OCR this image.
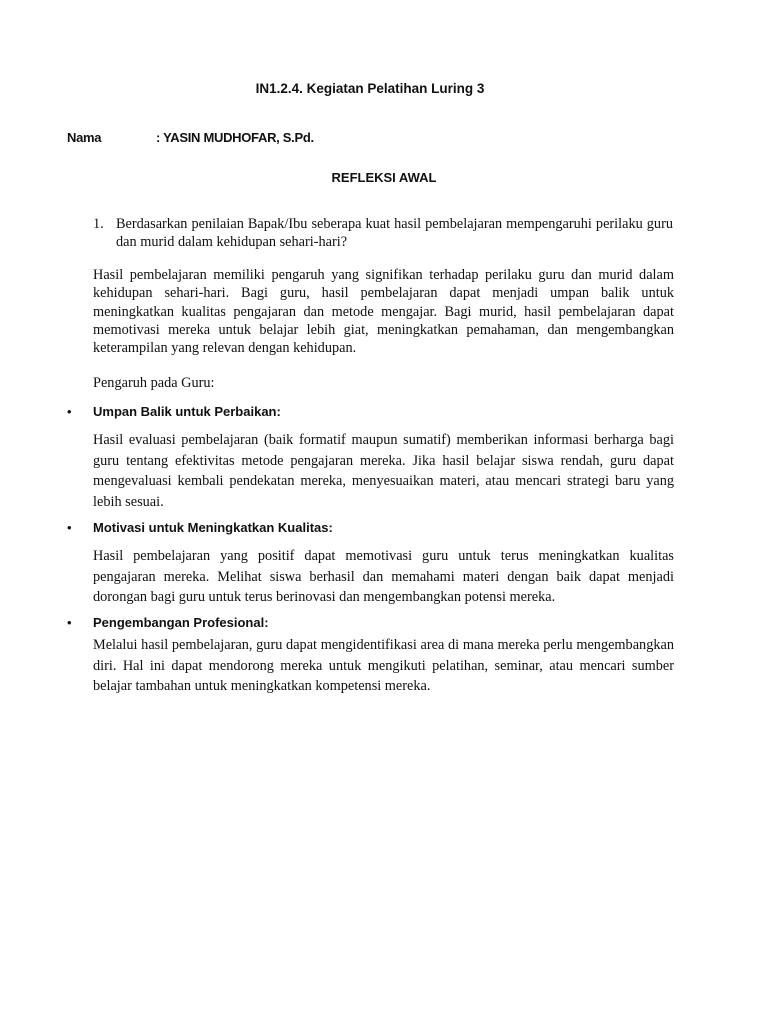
IN1.2.4. Kegiatan Pelatihan Luring 3
Nama	: YASIN MUDHOFAR, S.Pd.
REFLEKSI AWAL
1. Berdasarkan penilaian Bapak/Ibu seberapa kuat hasil pembelajaran mempengaruhi perilaku guru dan murid dalam kehidupan sehari-hari?

Hasil pembelajaran memiliki pengaruh yang signifikan terhadap perilaku guru dan murid dalam kehidupan sehari-hari. Bagi guru, hasil pembelajaran dapat menjadi umpan balik untuk meningkatkan kualitas pengajaran dan metode mengajar. Bagi murid, hasil pembelajaran dapat memotivasi mereka untuk belajar lebih giat, meningkatkan pemahaman, dan mengembangkan keterampilan yang relevan dengan kehidupan.

Pengaruh pada Guru:

• Umpan Balik untuk Perbaikan:

Hasil evaluasi pembelajaran (baik formatif maupun sumatif) memberikan informasi berharga bagi guru tentang efektivitas metode pengajaran mereka. Jika hasil belajar siswa rendah, guru dapat mengevaluasi kembali pendekatan mereka, menyesuaikan materi, atau mencari strategi baru yang lebih sesuai.

• Motivasi untuk Meningkatkan Kualitas:

Hasil pembelajaran yang positif dapat memotivasi guru untuk terus meningkatkan kualitas pengajaran mereka. Melihat siswa berhasil dan memahami materi dengan baik dapat menjadi dorongan bagi guru untuk terus berinovasi dan mengembangkan potensi mereka.

• Pengembangan Profesional:

Melalui hasil pembelajaran, guru dapat mengidentifikasi area di mana mereka perlu mengembangkan diri. Hal ini dapat mendorong mereka untuk mengikuti pelatihan, seminar, atau mencari sumber belajar tambahan untuk meningkatkan kompetensi mereka.
